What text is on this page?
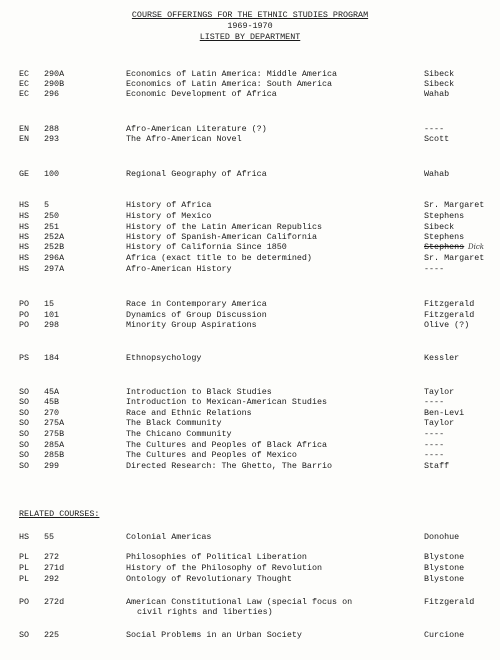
COURSE OFFERINGS FOR THE ETHNIC STUDIES PROGRAM
1969-1970
LISTED BY DEPARTMENT
EC 290A	Economics of Latin America: Middle America	Sibeck
EC 290B	Economics of Latin America: South America	Sibeck
EC 296	Economic Development of Africa	Wahab
EN 288	Afro-American Literature (?)	----
EN 293	The Afro-American Novel	Scott
GE 100	Regional Geography of Africa	Wahab
HS 5	History of Africa	Sr. Margaret
HS 250	History of Mexico	Stephens
HS 251	History of the Latin American Republics	Sibeck
HS 252A	History of Spanish-American California	Stephens
HS 252B	History of California Since 1850	Stephens Dick
HS 296A	Africa (exact title to be determined)	Sr. Margaret
HS 297A	Afro-American History	----
PO 15	Race in Contemporary America	Fitzgerald
PO 101	Dynamics of Group Discussion	Fitzgerald
PO 298	Minority Group Aspirations	Olive (?)
PS 184	Ethnopsychology	Kessler
SO 45A	Introduction to Black Studies	Taylor
SO 45B	Introduction to Mexican-American Studies	----
SO 270	Race and Ethnic Relations	Ben-Levi
SO 275A	The Black Community	Taylor
SO 275B	The Chicano Community	----
SO 285A	The Cultures and Peoples of Black Africa	----
SO 285B	The Cultures and Peoples of Mexico	----
SO 299	Directed Research: The Ghetto, The Barrio	Staff
RELATED COURSES:
HS 55	Colonial Americas	Donohue
PL 272	Philosophies of Political Liberation	Blystone
PL 271d	History of the Philosophy of Revolution	Blystone
PL 292	Ontology of Revolutionary Thought	Blystone
PO 272d	American Constitutional Law (special focus on	Fitzgerald
civil rights and liberties)
SO 225	Social Problems in an Urban Society	Curcione
